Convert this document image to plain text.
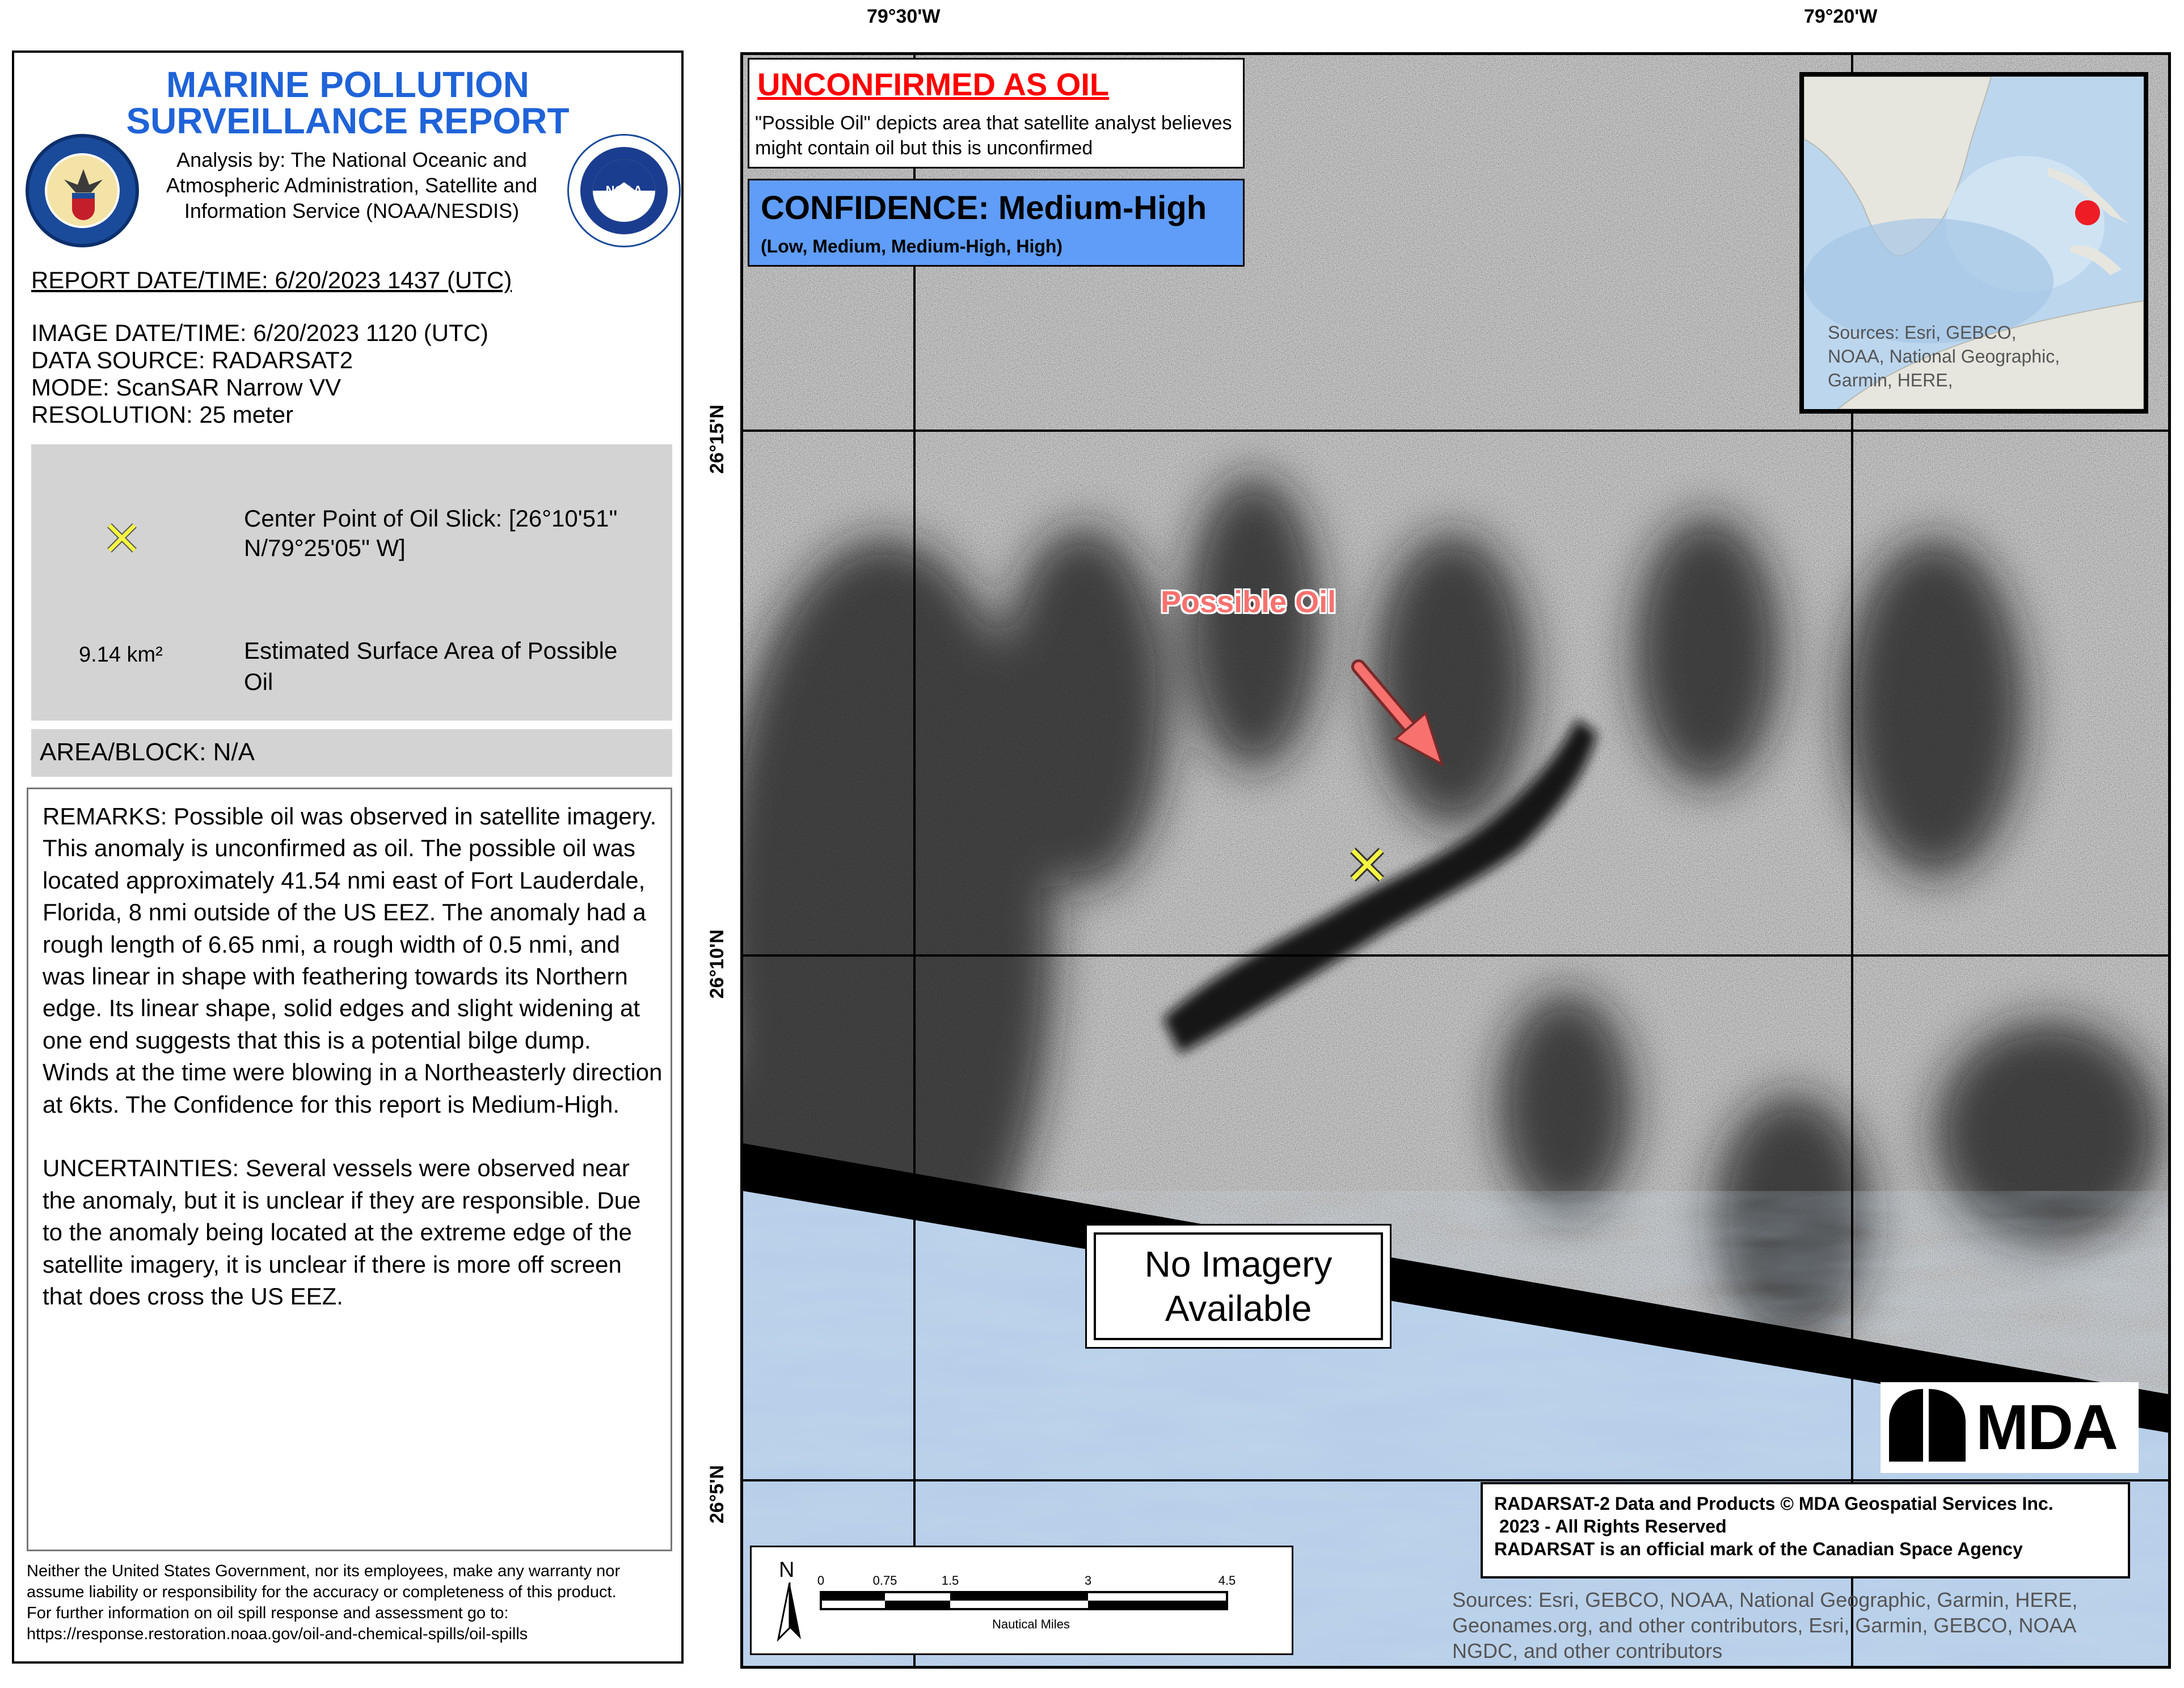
MARINE POLLUTION
SURVEILLANCE REPORT
Analysis by: The National Oceanic and Atmospheric Administration, Satellite and Information Service (NOAA/NESDIS)
NOAA
REPORT DATE/TIME: 6/20/2023 1437 (UTC)
IMAGE DATE/TIME: 6/20/2023 1120 (UTC)
DATA SOURCE: RADARSAT2
MODE: ScanSAR Narrow VV
RESOLUTION: 25 meter
Center Point of Oil Slick: [26°10'51" N/79°25'05" W]
9.14 km²	Estimated Surface Area of Possible Oil
AREA/BLOCK: N/A
REMARKS: Possible oil was observed in satellite imagery. This anomaly is unconfirmed as oil. The possible oil was located approximately 41.54 nmi east of Fort Lauderdale, Florida, 8 nmi outside of the US EEZ. The anomaly had a rough length of 6.65 nmi, a rough width of 0.5 nmi, and was linear in shape with feathering towards its Northern edge. Its linear shape, solid edges and slight widening at one end suggests that this is a potential bilge dump.  Winds at the time were blowing in a Northeasterly direction at 6kts. The Confidence for this report is Medium-High.

UNCERTAINTIES: Several vessels were observed near the anomaly, but it is unclear if they are responsible. Due to the anomaly being located at the extreme edge of the satellite imagery, it is unclear if there is more off screen that does cross the US EEZ.
Neither the United States Government, nor its employees, make any warranty nor assume liability or responsibility for the accuracy or completeness of this product.
For further information on oil spill response and assessment go to:
https://response.restoration.noaa.gov/oil-and-chemical-spills/oil-spills
79°30'W	79°20'W
26°15'N
26°10'N
26°5'N
UNCONFIRMED AS OIL
"Possible Oil" depicts area that satellite analyst believes might contain oil but this is unconfirmed
CONFIDENCE: Medium-High
(Low, Medium, Medium-High, High)
Sources: Esri, GEBCO,
NOAA, National Geographic,
Garmin, HERE,
Possible Oil
No Imagery Available
MDA
RADARSAT-2 Data and Products © MDA Geospatial Services Inc.
2023 - All Rights Reserved
RADARSAT is an official mark of the Canadian Space Agency
N 0	0.75	1.5	3	4.5
Nautical Miles
Sources: Esri, GEBCO, NOAA, National Geographic, Garmin, HERE,
Geonames.org, and other contributors, Esri, Garmin, GEBCO, NOAA
NGDC, and other contributors
